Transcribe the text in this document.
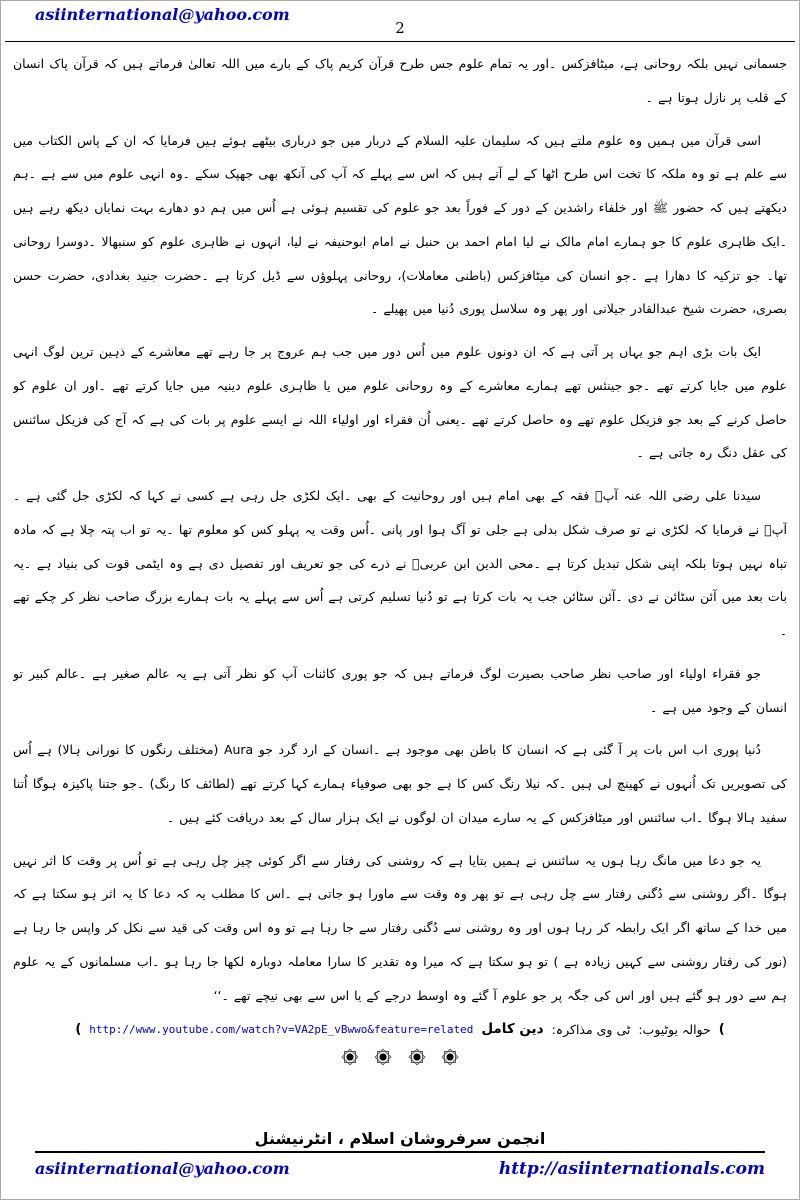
asiinternational@yahoo.com
2

جسمانی نہیں بلکہ روحانی ہے، میٹافزکس ۔اور یہ تمام علوم جس طرح قرآن کریم پاک کے بارے میں اللہ تعالیٰ فرماتے ہیں کہ قرآن پاک انسان کے قلب پر نازل ہوتا ہے ۔

اسی قرآن میں ہمیں وہ علوم ملتے ہیں کہ سلیمان علیہ السلام کے دربار میں جو درباری بیٹھے ہوئے ہیں فرمایا کہ ان کے پاس الکتاب میں سے علم ہے تو وہ ملکہ کا تخت اس طرح اٹھا کے لے آتے ہیں کہ اس سے پہلے کہ آپ کی آنکھ بھی جھپک سکے ۔وہ انہی علوم میں سے ہے ۔ہم دیکھتے ہیں کہ حضور ﷺ اور خلفاء راشدین کے دور کے فوراً بعد جو علوم کی تقسیم ہوئی ہے اُس میں ہم دو دھارے بہت نمایاں دیکھ رہے ہیں ۔ایک ظاہری علوم کا جو ہمارے امام مالک نے لیا امام احمد بن حنبل نے امام ابوحنیفہ نے لیا، انہوں نے ظاہری علوم کو سنبھالا ۔دوسرا روحانی تھا۔ جو تزکیہ کا دھارا ہے ۔جو انسان کی میٹافزکس (باطنی معاملات)، روحانی پہلوؤں سے ڈیل کرتا ہے ۔حضرت جنید بغدادی، حضرت حسن بصری، حضرت شیخ عبدالقادر جیلانی اور پھر وہ سلاسل پوری دُنیا میں پھیلے ۔

ایک بات بڑی اہم جو یہاں پر آتی ہے کہ ان دونوں علوم میں اُس دور میں جب ہم عروج پر جا رہے تھے معاشرے کے ذہین ترین لوگ انہی علوم میں جایا کرتے تھے ۔جو جینئس تھے ہمارے معاشرے کے وہ روحانی علوم میں یا ظاہری علوم دینیہ میں جایا کرتے تھے ۔اور ان علوم کو حاصل کرنے کے بعد جو فزیکل علوم تھے وہ حاصل کرتے تھے ۔یعنی اُن فقراء اور اولیاء اللہ نے ایسے علوم پر بات کی ہے کہ آج کی فزیکل سائنس کی عقل دنگ رہ جاتی ہے ۔

سیدنا علی رضی اللہ عنہ آپؓ فقہ کے بھی امام ہیں اور روحانیت کے بھی ۔ایک لکڑی جل رہی ہے کسی نے کہا کہ لکڑی جل گئی ہے ۔آپؓ نے فرمایا کہ لکڑی نے تو صرف شکل بدلی ہے جلی تو آگ ہوا اور پانی ۔اُس وقت یہ پہلو کس کو معلوم تھا ۔یہ تو اب پتہ چلا ہے کہ مادہ تباہ نہیں ہوتا بلکہ اپنی شکل تبدیل کرتا ہے ۔محی الدین ابن عربیؒ نے ذرے کی جو تعریف اور تفصیل دی ہے وہ ایٹمی قوت کی بنیاد ہے ۔یہ بات بعد میں آئن سٹائن نے دی ۔آئن سٹائن جب یہ بات کرتا ہے تو دُنیا تسلیم کرتی ہے اُس سے پہلے یہ بات ہمارے بزرگ صاحب نظر کر چکے تھے ۔

جو فقراء اولیاء اور صاحب نظر صاحب بصیرت لوگ فرماتے ہیں کہ جو پوری کائنات آپ کو نظر آتی ہے یہ عالم صغیر ہے ۔عالم کبیر تو انسان کے وجود میں ہے ۔

دُنیا پوری اب اس بات پر آ گئی ہے کہ انسان کا باطن بھی موجود ہے ۔انسان کے ارد گرد جو Aura (مختلف رنگوں کا نورانی ہالا) ہے اُس کی تصویریں تک اُنہوں نے کھینچ لی ہیں ۔کہ نیلا رنگ کس کا ہے جو بھی صوفیاء ہمارے کہا کرتے تھے (لطائف کا رنگ) ۔جو جتنا پاکیزہ ہوگا اُتنا سفید ہالا ہوگا ۔اب سائنس اور میٹافزکس کے یہ سارے میدان ان لوگوں نے ایک ہزار سال کے بعد دریافت کئے ہیں ۔

یہ جو دعا میں مانگ رہا ہوں یہ سائنس نے ہمیں بتایا ہے کہ روشنی کی رفتار سے اگر کوئی چیز چل رہی ہے تو اُس پر وقت کا اثر نہیں ہوگا ۔اگر روشنی سے دُگنی رفتار سے چل رہی ہے تو پھر وہ وقت سے ماورا ہو جاتی ہے ۔اس کا مطلب یہ کہ دعا کا یہ اثر ہو سکتا ہے کہ میں خدا کے ساتھ اگر ایک رابطہ کر رہا ہوں اور وہ روشنی سے دُگنی رفتار سے جا رہا ہے تو وہ اس وقت کی قید سے نکل کر واپس جا رہا ہے (نور کی رفتار روشنی سے کہیں زیادہ ہے ) تو ہو سکتا ہے کہ میرا وہ تقدیر کا سارا معاملہ دوبارہ لکھا جا رہا ہو ۔اب مسلمانوں کے یہ علوم ہم سے دور ہو گئے ہیں اور اس کی جگہ پر جو علوم آ گئے وہ اوسط درجے کے یا اس سے بھی نیچے تھے ۔‘‘

( http://www.youtube.com/watch?v=VA2pE_vBwwo&feature=related دین کامل ٹی وی مذاکرہ: حوالہ یوٹیوب: (

انجمن سرفروشان اسلام ، انٹرنیشنل

asiinternational@yahoo.com	http://asiinternationals.com
